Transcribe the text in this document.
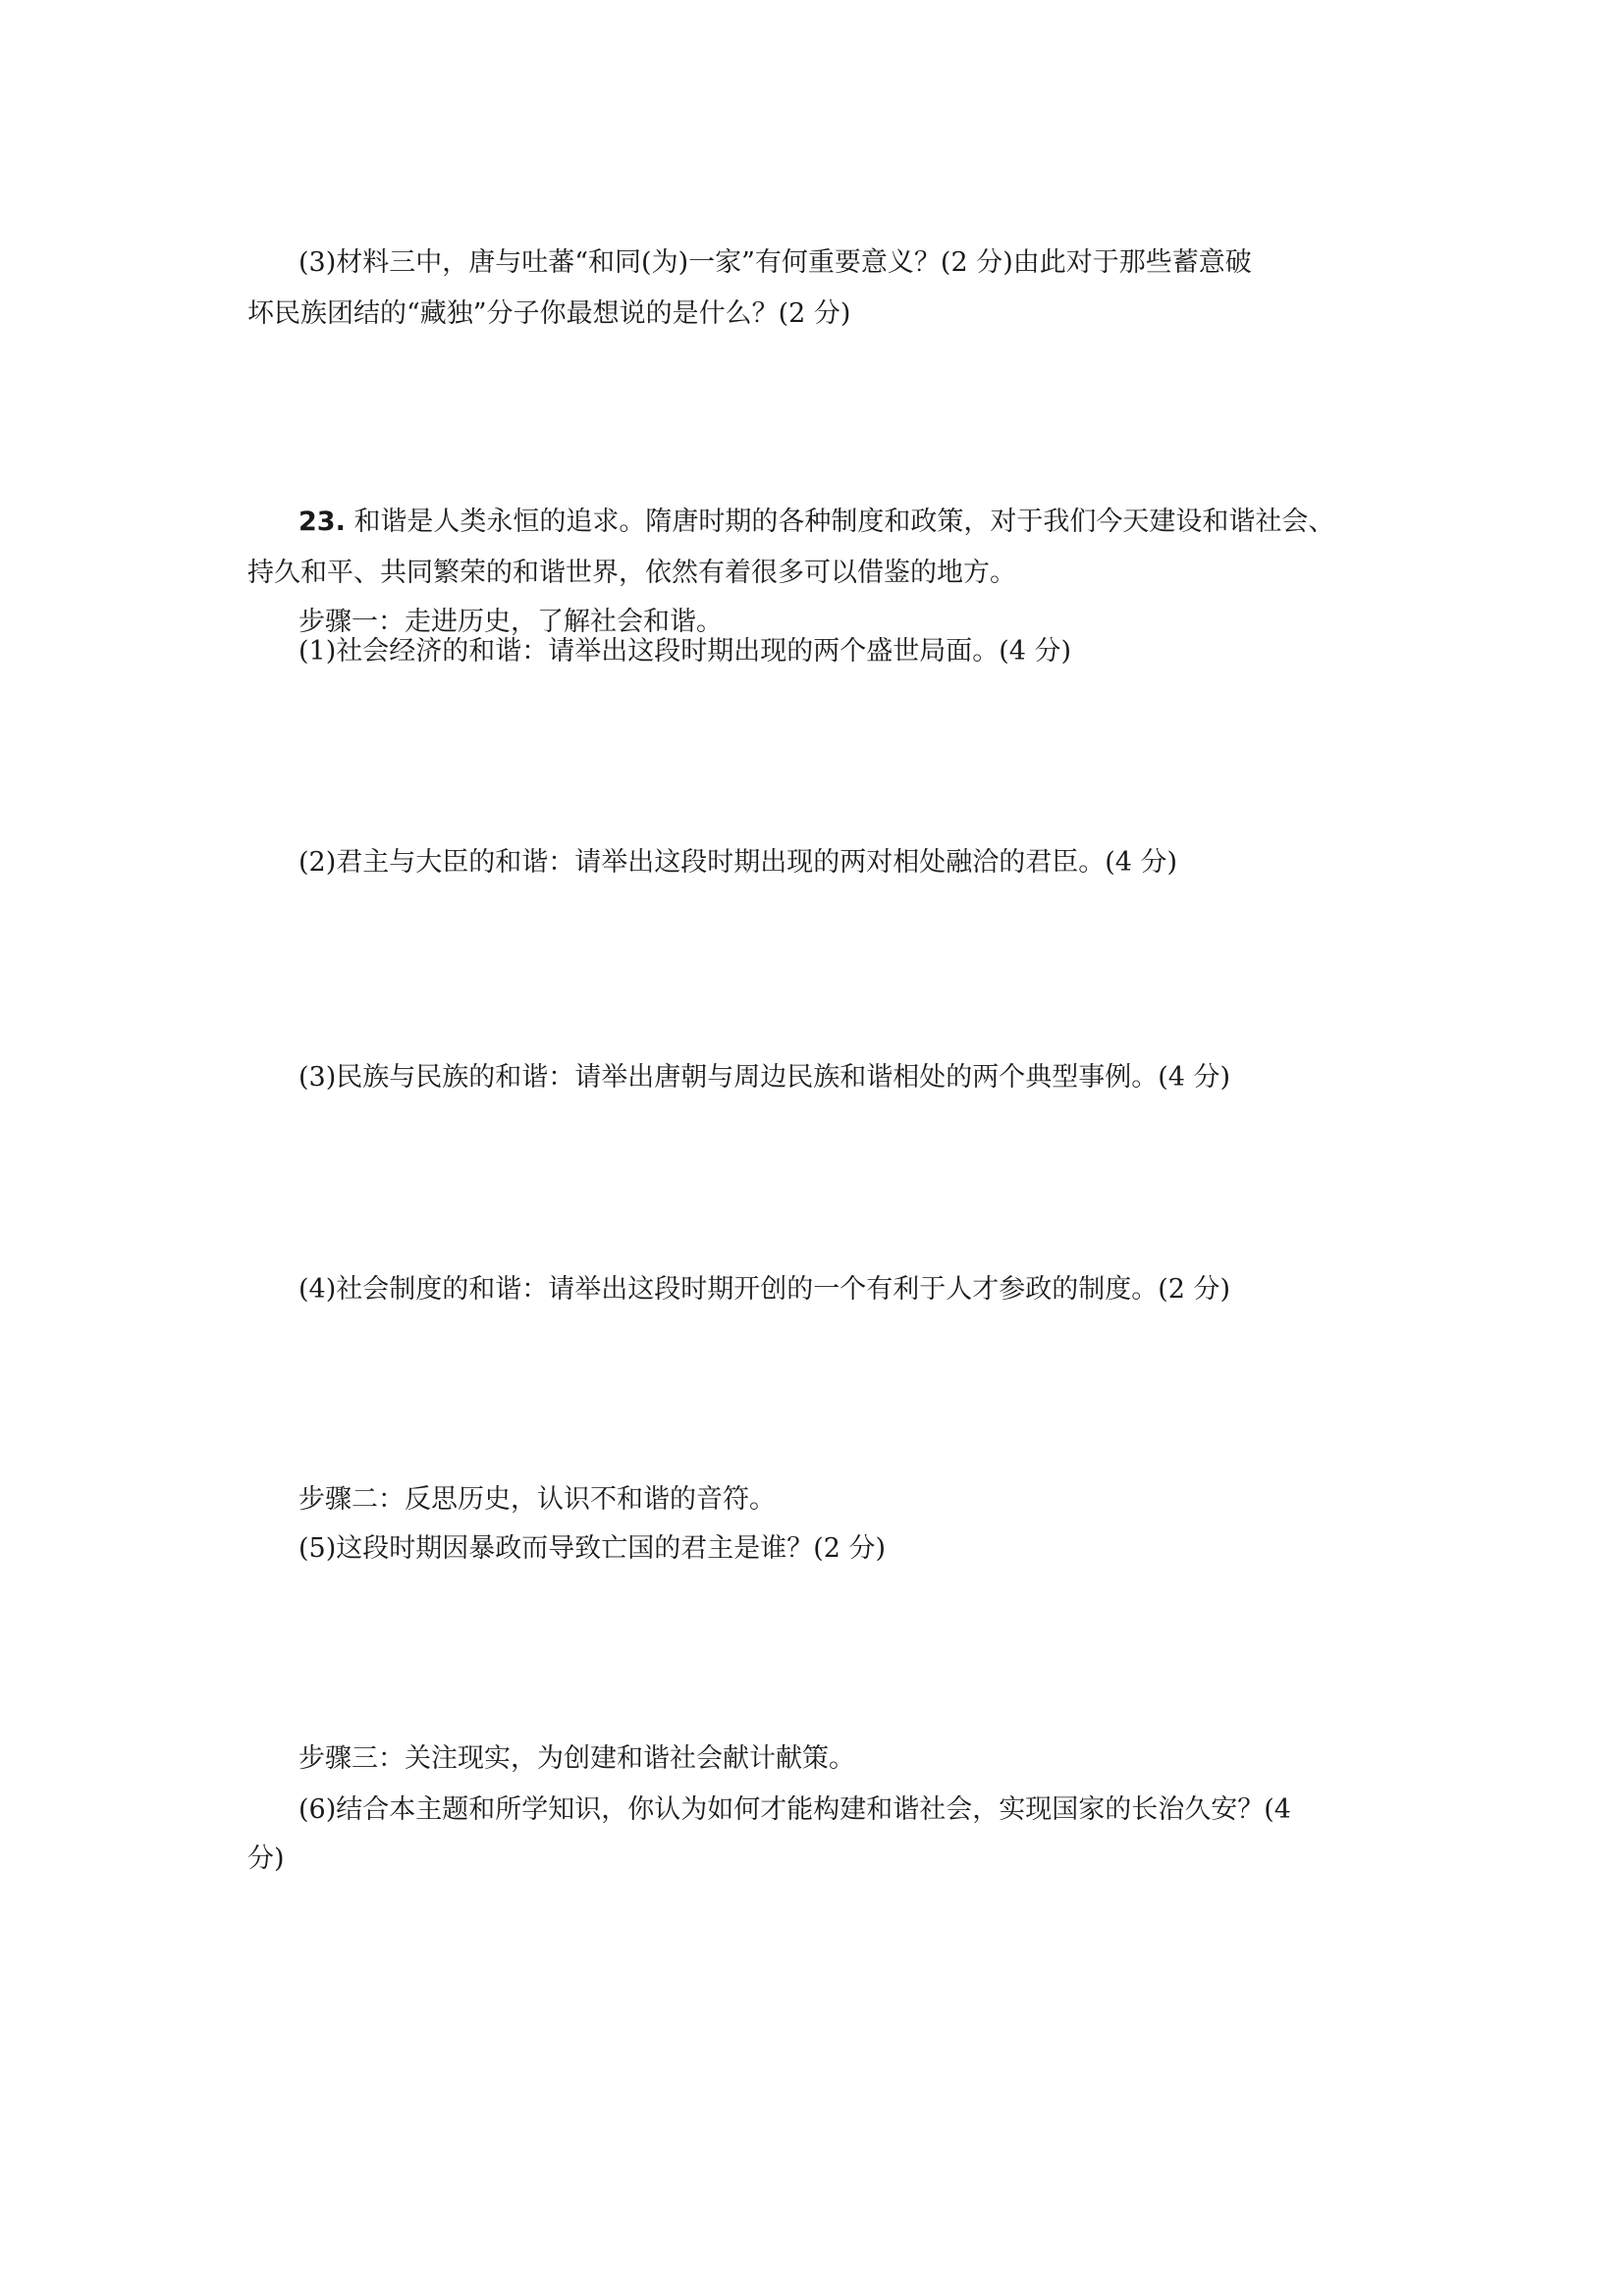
(3)材料三中，唐与吐蕃“和同(为)一家”有何重要意义？(2 分)由此对于那些蓄意破
坏民族团结的“藏独”分子你最想说的是什么？(2 分)
23. 和谐是人类永恒的追求。隋唐时期的各种制度和政策，对于我们今天建设和谐社会、
持久和平、共同繁荣的和谐世界，依然有着很多可以借鉴的地方。
步骤一：走进历史，了解社会和谐。
(1)社会经济的和谐：请举出这段时期出现的两个盛世局面。(4 分)
(2)君主与大臣的和谐：请举出这段时期出现的两对相处融洽的君臣。(4 分)
(3)民族与民族的和谐：请举出唐朝与周边民族和谐相处的两个典型事例。(4 分)
(4)社会制度的和谐：请举出这段时期开创的一个有利于人才参政的制度。(2 分)
步骤二：反思历史，认识不和谐的音符。
(5)这段时期因暴政而导致亡国的君主是谁？(2 分)
步骤三：关注现实，为创建和谐社会献计献策。
(6)结合本主题和所学知识，你认为如何才能构建和谐社会，实现国家的长治久安？(4
分)
